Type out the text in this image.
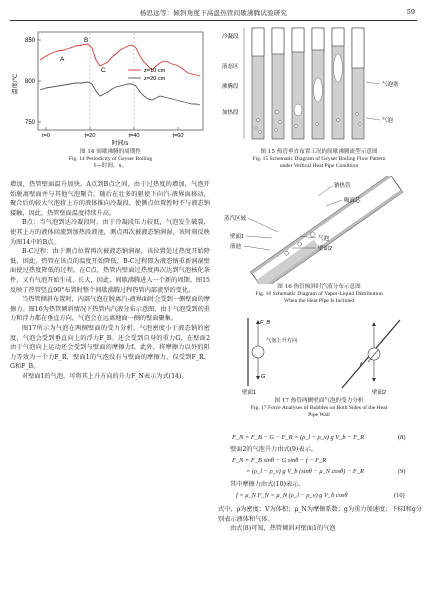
杨思远等：倾斜角度下高温热管间歇沸腾试验研究	59
850
800
750
温度/℃
t=0	t=20	t=40	t=60
时间/s
A
B
C	z=10 cm
z=20 cm
图 14 间歇沸腾的周期性
Fig. 14 Periodicity of Geyser Boiling
t—时间，s。
冷凝段
液态区
沸腾段
加热段
气泡塞
气泡
图 15 热管垂直布置工况的间歇沸腾流型示意图
Fig. 15 Schematic Diagram of Geyser Boiling Flow Pattern
under Vertical Heat Pipe Condition

增加，热管壁面温升加快。A点到B点之间，由于过热度的增加，气泡开始脱离壁面并与其他气泡聚合，随后在壮多的驱使下向汽-液界面移动，聚合后的较大气泡将上方的液体推向冷凝段，使侧点位置暂时不与液态钠接触，因此，热管壁面温度持续升高。

B点：当气泡到达冷凝段时，由于冷凝段压力较低，气泡发生破裂，使其上方的液体回流到加热段液池，测点再次被液态钠润湿，该时刻反映为图14中的B点。

B-C过程：由于测点位置再次被液态钠润湿，该位置处过热度开始降低，因此，热管在该点的温度开始降低，B-C过程即为液态钠重新润湿壁面使过热度降低的过程。在C点，热管内壁面过热度再次达到气泡核化条件，又有气泡开始生成、长大，因此，间歇沸腾进入一个新的周期。图15反映了热管竖直90°布置时整个间歇沸腾过程热管内部流型的变化。

当热管倾斜布置时，内部气泡在脱离汽-液界面时会受到一侧壁面的摩擦力。图16为热管倾斜情况下热管内汽液分布示意图，由于气泡受到的重力和浮力都在垂直方向，气泡会在远离地面一侧的壁面聚集。

图17所示为气泡在两侧壁面的受力分析。气泡密度小于液态钠的密度，气泡会受到垂直向上的浮力F_B。还会受到自身的重力G，在壁面2由于气泡向上运动还会受到与壁面的摩擦力f。此外，将摩擦力以外的阻力等效为一个力F_R，壁面1的气泡没有与壁面的摩擦力，仅受到F_R、G和F_B。

对壁面1的气泡，可将其上升方向的升力F_N表示为式(14)。

钠热管
吸液芯
蒸汽区域
壁面1
液池
气泡
壁面2
图 16 热管倾斜时汽液分布示意图
Fig. 16 Schematic Diagram of Vapor-Liquid Distribution
When the Heat Pipe Is Inclined
F_B
G
气泡上升方向
壁面1
f
壁面2
图 17 热管两侧壁面气泡的受力分析
Fig. 17 Force Analyses of Bubbles on Both Sides of the Heat
Pipe Wall
F_N = F_B − G − F_R = (ρ_l − ρ_v) g V_b − F_R	(8)

壁面2的气泡升力由式(9)表示。

F_N = F_B sinθ − G sinθ − f − F_R
= (ρ_l − ρ_v) g V_b (sinθ − μ_N cosθ) − F_R	(9)

其中摩擦力由式(10)表示。

f = μ_N F_N = μ_N (ρ_l − ρ_v) g V_b cosθ	(10)

式中，ρ为密度；V为体积；μ_N为摩擦系数；g为重力加速度；下标l和g分别表示液体和气体。

由式(8)可知，热管倾斜对壁面1的气泡
